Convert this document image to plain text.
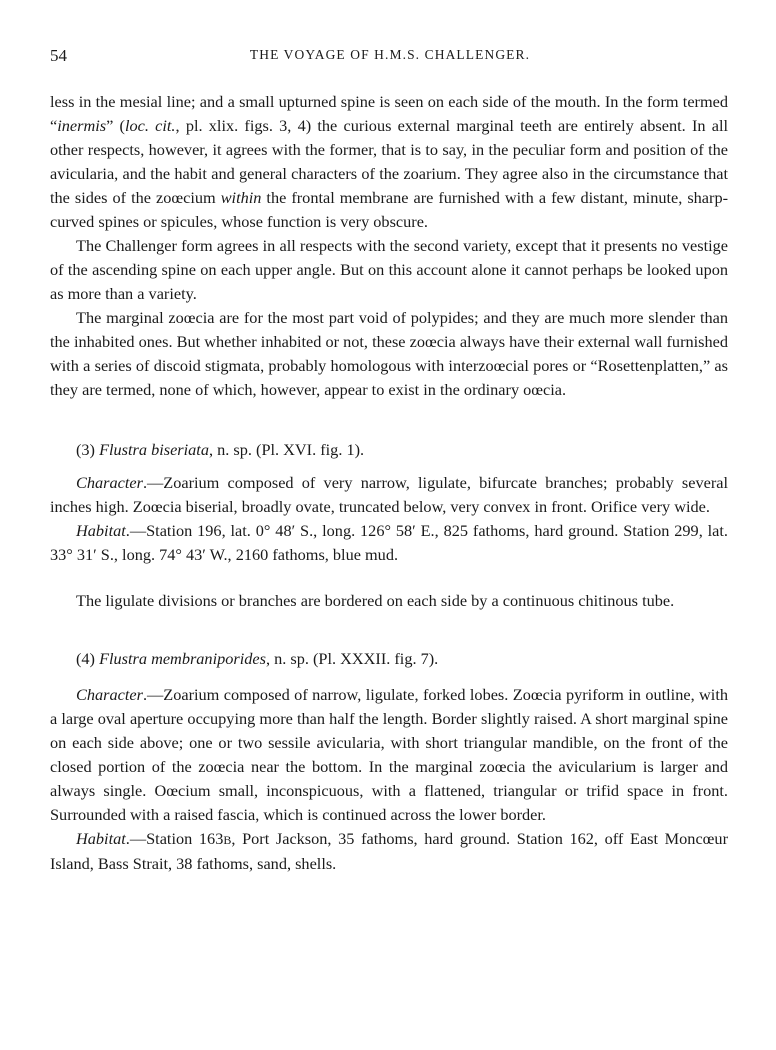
54	THE VOYAGE OF H.M.S. CHALLENGER.

less in the mesial line; and a small upturned spine is seen on each side of the mouth. In the form termed “inermis” (loc. cit., pl. xlix. figs. 3, 4) the curious external marginal teeth are entirely absent. In all other respects, however, it agrees with the former, that is to say, in the peculiar form and position of the avicularia, and the habit and general characters of the zoarium. They agree also in the circumstance that the sides of the zoœcium within the frontal membrane are furnished with a few distant, minute, sharp-curved spines or spicules, whose function is very obscure.

The Challenger form agrees in all respects with the second variety, except that it presents no vestige of the ascending spine on each upper angle. But on this account alone it cannot perhaps be looked upon as more than a variety.

The marginal zoœcia are for the most part void of polypides; and they are much more slender than the inhabited ones. But whether inhabited or not, these zoœcia always have their external wall furnished with a series of discoid stigmata, probably homologous with interzoœcial pores or “Rosettenplatten,” as they are termed, none of which, however, appear to exist in the ordinary oœcia.

(3) Flustra biseriata, n. sp. (Pl. XVI. fig. 1).

Character.—Zoarium composed of very narrow, ligulate, bifurcate branches; probably several inches high. Zoœcia biserial, broadly ovate, truncated below, very convex in front. Orifice very wide.

Habitat.—Station 196, lat. 0° 48′ S., long. 126° 58′ E., 825 fathoms, hard ground. Station 299, lat. 33° 31′ S., long. 74° 43′ W., 2160 fathoms, blue mud.

The ligulate divisions or branches are bordered on each side by a continuous chitinous tube.

(4) Flustra membraniporides, n. sp. (Pl. XXXII. fig. 7).

Character.—Zoarium composed of narrow, ligulate, forked lobes. Zoœcia pyriform in outline, with a large oval aperture occupying more than half the length. Border slightly raised. A short marginal spine on each side above; one or two sessile avicularia, with short triangular mandible, on the front of the closed portion of the zoœcia near the bottom. In the marginal zoœcia the avicularium is larger and always single. Oœcium small, inconspicuous, with a flattened, triangular or trifid space in front. Surrounded with a raised fascia, which is continued across the lower border.

Habitat.—Station 163B, Port Jackson, 35 fathoms, hard ground. Station 162, off East Moncœur Island, Bass Strait, 38 fathoms, sand, shells.
